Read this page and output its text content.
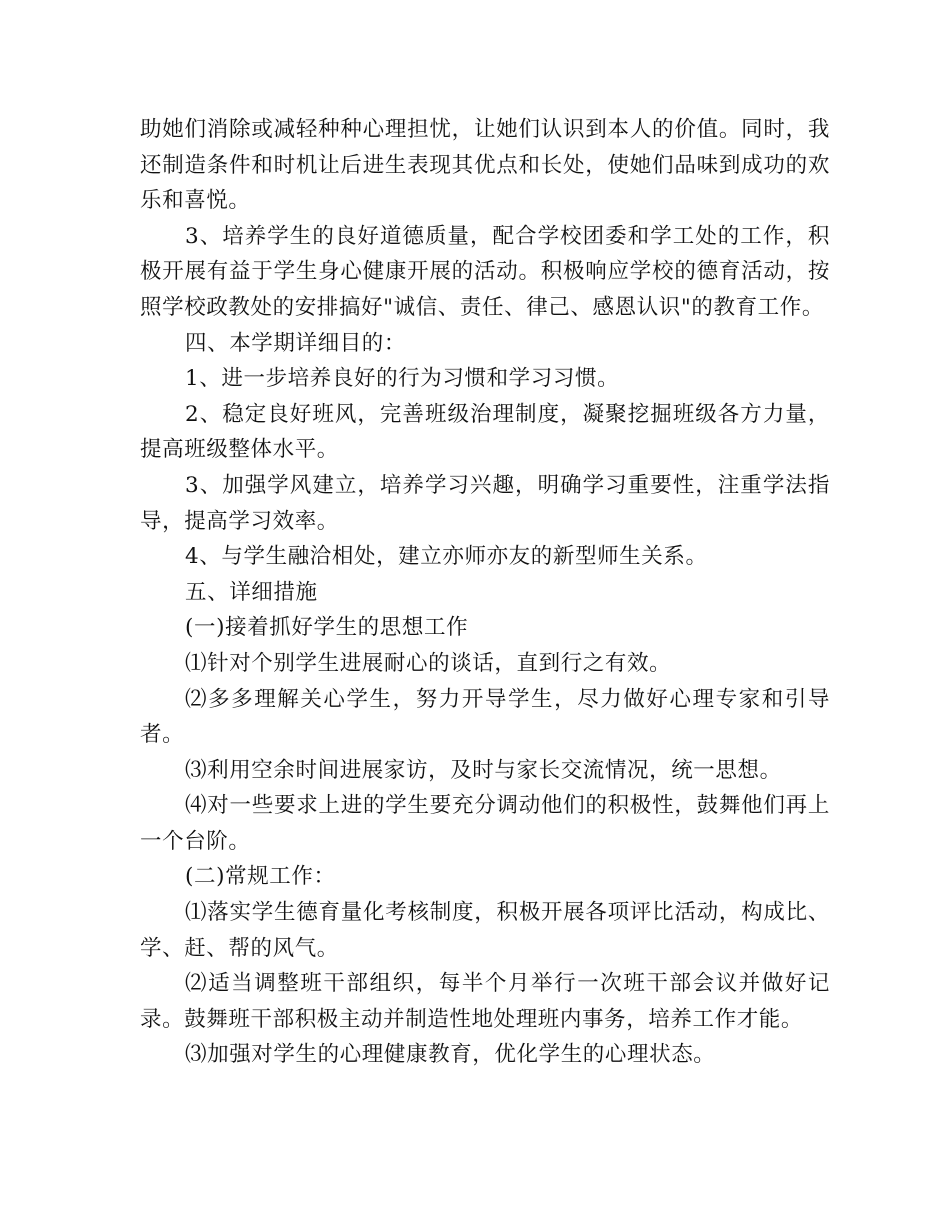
助她们消除或减轻种种心理担忧，让她们认识到本人的价值。同时，我还制造条件和时机让后进生表现其优点和长处，使她们品味到成功的欢乐和喜悦。

3、培养学生的良好道德质量，配合学校团委和学工处的工作，积极开展有益于学生身心健康开展的活动。积极响应学校的德育活动，按照学校政教处的安排搞好"诚信、责任、律己、感恩认识"的教育工作。

四、本学期详细目的：

1、进一步培养良好的行为习惯和学习习惯。

2、稳定良好班风，完善班级治理制度，凝聚挖掘班级各方力量，提高班级整体水平。

3、加强学风建立，培养学习兴趣，明确学习重要性，注重学法指导，提高学习效率。

4、与学生融洽相处，建立亦师亦友的新型师生关系。

五、详细措施

(一)接着抓好学生的思想工作

⑴针对个别学生进展耐心的谈话，直到行之有效。

⑵多多理解关心学生，努力开导学生，尽力做好心理专家和引导者。

⑶利用空余时间进展家访，及时与家长交流情况，统一思想。

⑷对一些要求上进的学生要充分调动他们的积极性，鼓舞他们再上一个台阶。

(二)常规工作：

⑴落实学生德育量化考核制度，积极开展各项评比活动，构成比、学、赶、帮的风气。

⑵适当调整班干部组织，每半个月举行一次班干部会议并做好记录。鼓舞班干部积极主动并制造性地处理班内事务，培养工作才能。

⑶加强对学生的心理健康教育，优化学生的心理状态。
